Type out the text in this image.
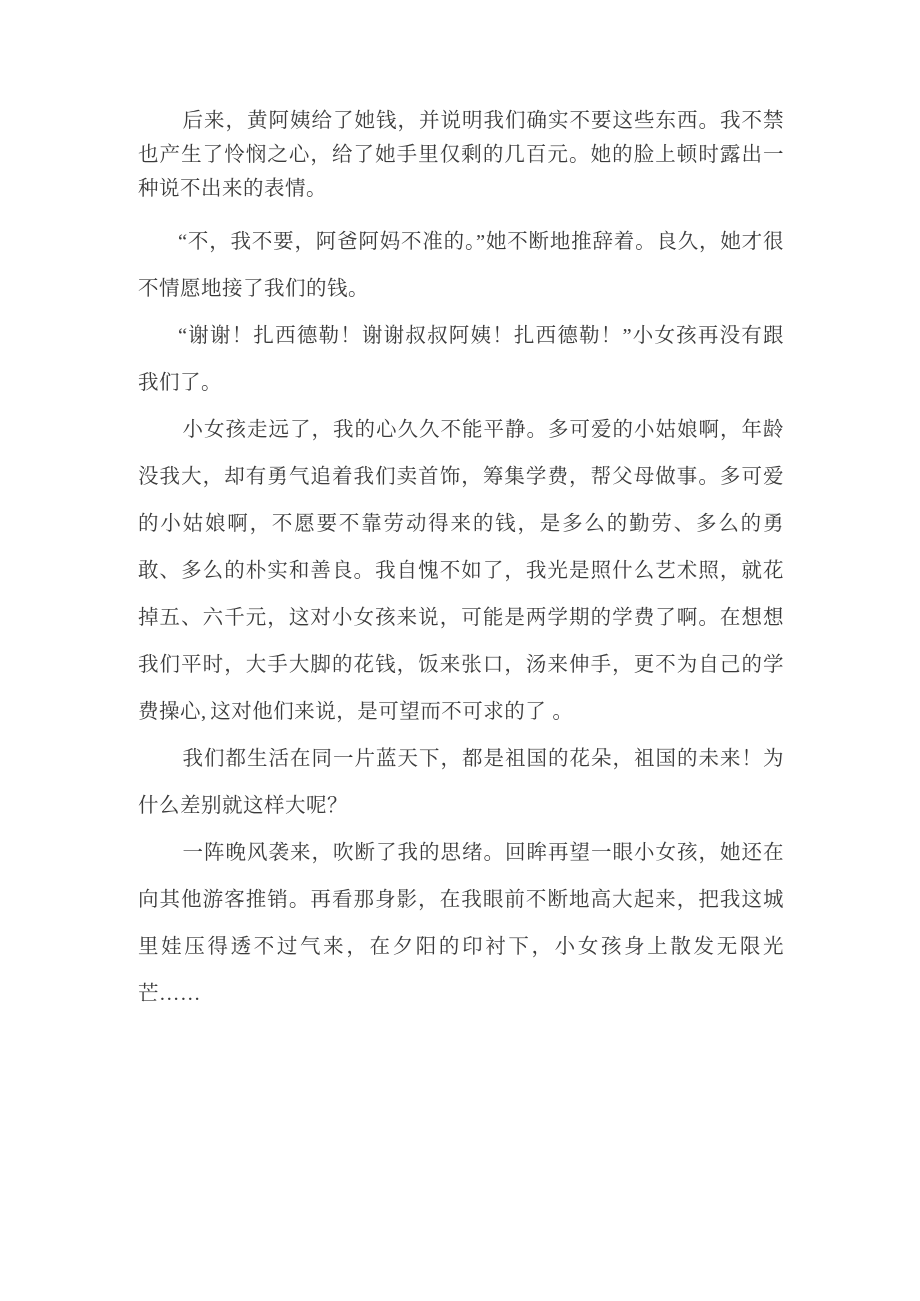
后来，黄阿姨给了她钱，并说明我们确实不要这些东西。我不禁也产生了怜悯之心，给了她手里仅剩的几百元。她的脸上顿时露出一种说不出来的表情。

“不，我不要，阿爸阿妈不准的。”她不断地推辞着。良久，她才很不情愿地接了我们的钱。

“谢谢！扎西德勒！谢谢叔叔阿姨！扎西德勒！”小女孩再没有跟我们了。

小女孩走远了，我的心久久不能平静。多可爱的小姑娘啊，年龄没我大，却有勇气追着我们卖首饰，筹集学费，帮父母做事。多可爱的小姑娘啊，不愿要不靠劳动得来的钱，是多么的勤劳、多么的勇敢、多么的朴实和善良。我自愧不如了，我光是照什么艺术照，就花掉五、六千元，这对小女孩来说，可能是两学期的学费了啊。在想想我们平时，大手大脚的花钱，饭来张口，汤来伸手，更不为自己的学费操心, 这对他们来说，是可望而不可求的了 。

我们都生活在同一片蓝天下，都是祖国的花朵，祖国的未来！为什么差别就这样大呢？

一阵晚风袭来，吹断了我的思绪。回眸再望一眼小女孩，她还在向其他游客推销。再看那身影，在我眼前不断地高大起来，把我这城里娃压得透不过气来，在夕阳的印衬下，小女孩身上散发无限光芒……
